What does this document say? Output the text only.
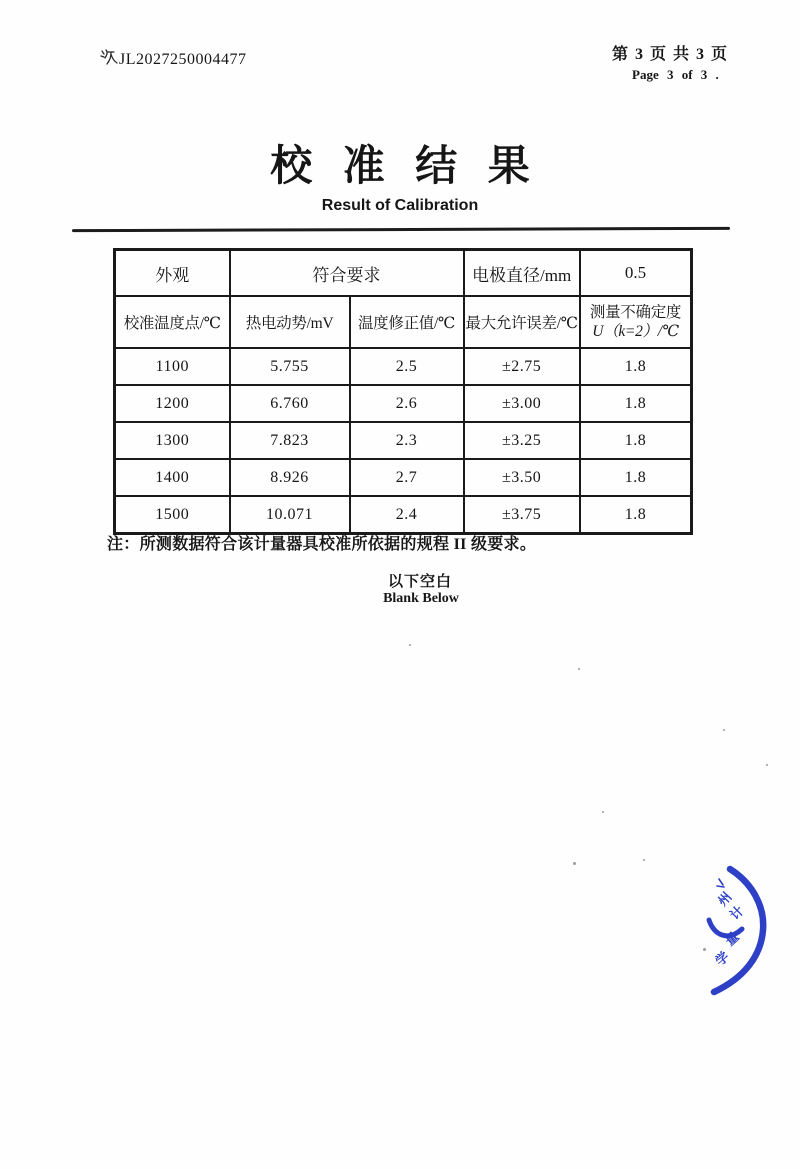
JL2027250004477	第 3 页 共 3 页
Page 3 of 3 .
校 准 结 果
Result of Calibration
外观	符合要求		电极直径/mm	0.5
校准温度点/℃	热电动势/mV	温度修正值/℃	最大允许误差/℃	测量不确定度
U（k=2）/℃

1100	5.755	2.5	±2.75	1.8
1200	6.760	2.6	±3.00	1.8
1300	7.823	2.3	±3.25	1.8
1400	8.926	2.7	±3.50	1.8
1500	10.071	2.4	±3.75	1.8
注：所测数据符合该计量器具校准所依据的规程 II 级要求。
以下空白
Blank Below
州
计
量
学
